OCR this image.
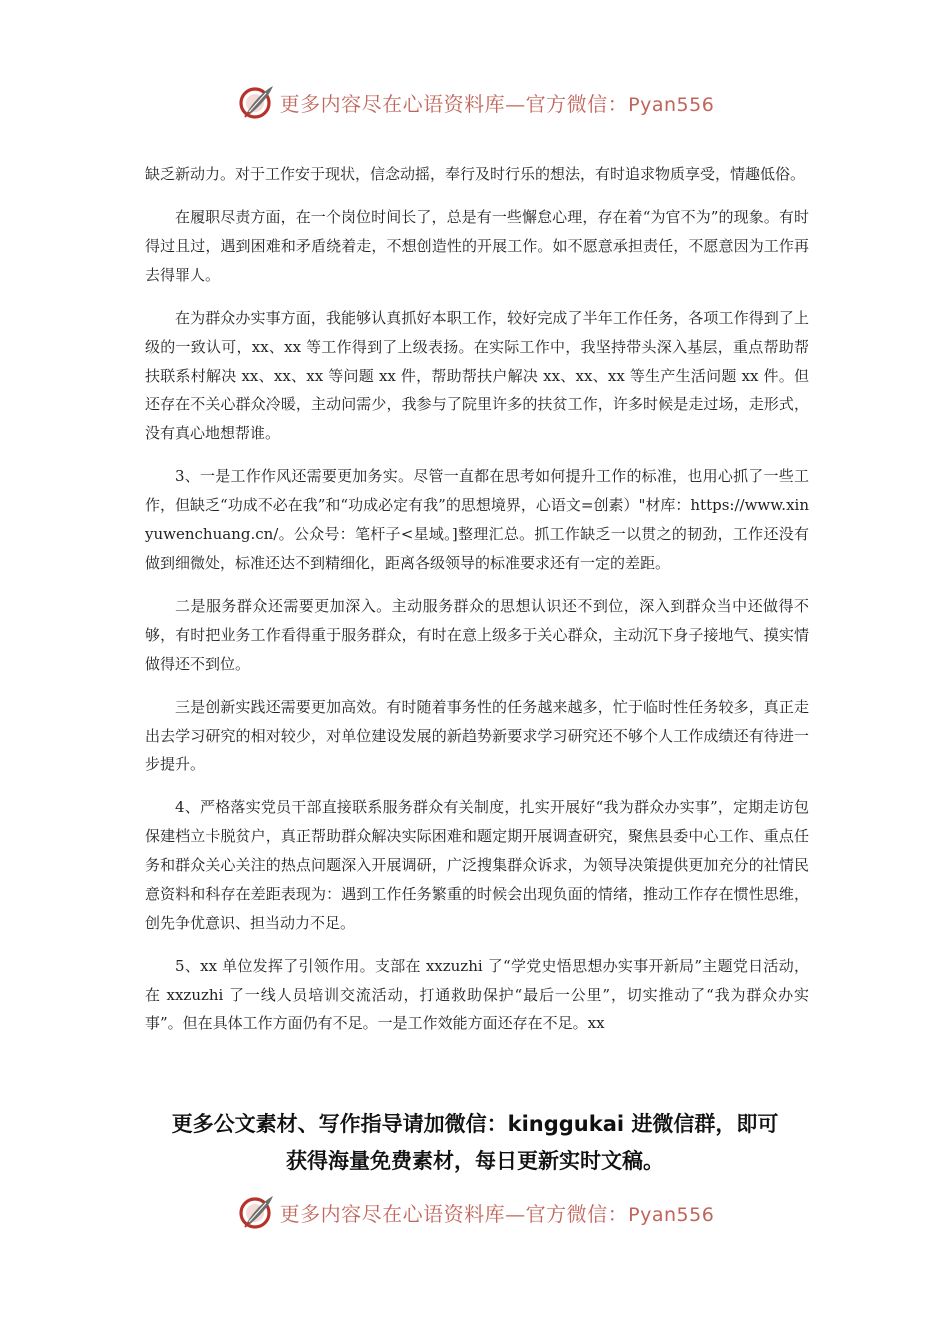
更多内容尽在心语资料库—官方微信：Pyan556

缺乏新动力。对于工作安于现状，信念动摇，奉行及时行乐的想法，有时追求物质享受，情趣低俗。

在履职尽责方面，在一个岗位时间长了，总是有一些懈怠心理，存在着“为官不为”的现象。有时得过且过，遇到困难和矛盾绕着走，不想创造性的开展工作。如不愿意承担责任，不愿意因为工作再去得罪人。

在为群众办实事方面，我能够认真抓好本职工作，较好完成了半年工作任务，各项工作得到了上级的一致认可，xx、xx 等工作得到了上级表扬。在实际工作中，我坚持带头深入基层，重点帮助帮扶联系村解决 xx、xx、xx 等问题 xx 件，帮助帮扶户解决 xx、xx、xx 等生产生活问题 xx 件。但还存在不关心群众冷暖，主动问需少，我参与了院里许多的扶贫工作，许多时候是走过场，走形式，没有真心地想帮谁。

3、一是工作作风还需要更加务实。尽管一直都在思考如何提升工作的标准，也用心抓了一些工作，但缺乏“功成不必在我”和“功成必定有我”的思想境界，心语文=创素）"材库：https://www.xinyuwenchuang.cn/。公众号：笔杆子<星域。]整理汇总。抓工作缺乏一以贯之的韧劲，工作还没有做到细微处，标准还达不到精细化，距离各级领导的标准要求还有一定的差距。

二是服务群众还需要更加深入。主动服务群众的思想认识还不到位，深入到群众当中还做得不够，有时把业务工作看得重于服务群众，有时在意上级多于关心群众，主动沉下身子接地气、摸实情做得还不到位。

三是创新实践还需要更加高效。有时随着事务性的任务越来越多，忙于临时性任务较多，真正走出去学习研究的相对较少，对单位建设发展的新趋势新要求学习研究还不够个人工作成绩还有待进一步提升。

4、严格落实党员干部直接联系服务群众有关制度，扎实开展好“我为群众办实事”，定期走访包保建档立卡脱贫户，真正帮助群众解决实际困难和题定期开展调查研究，聚焦县委中心工作、重点任务和群众关心关注的热点问题深入开展调研，广泛搜集群众诉求，为领导决策提供更加充分的社情民意资料和科存在差距表现为：遇到工作任务繁重的时候会出现负面的情绪，推动工作存在惯性思维，创先争优意识、担当动力不足。

5、xx 单位发挥了引领作用。支部在 xxzuzhi 了“学党史悟思想办实事开新局”主题党日活动，在 xxzuzhi 了一线人员培训交流活动，打通救助保护“最后一公里”，切实推动了“我为群众办实事”。但在具体工作方面仍有不足。一是工作效能方面还存在不足。xx

更多公文素材、写作指导请加微信：kinggukai 进微信群，即可
获得海量免费素材，每日更新实时文稿。
更多内容尽在心语资料库—官方微信：Pyan556
